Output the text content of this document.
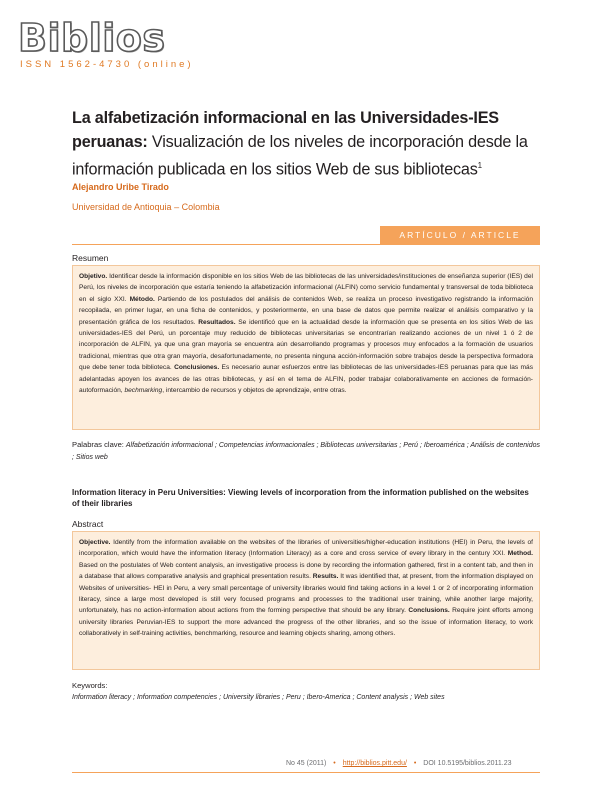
Biblios
ISSN 1562-4730 (online)
La alfabetización informacional en las Universidades-IES peruanas: Visualización de los niveles de incorporación desde la información publicada en los sitios Web de sus bibliotecas$^1$
Alejandro Uribe Tirado
Universidad de Antioquia – Colombia
ARTÍCULO / ARTICLE
Resumen
Objetivo. Identificar desde la información disponible en los sitios Web de las bibliotecas de las universidades/instituciones de enseñanza superior (IES) del Perú, los niveles de incorporación que estaría teniendo la alfabetización informacional (ALFIN) como servicio fundamental y transversal de toda biblioteca en el siglo XXI. Método. Partiendo de los postulados del análisis de contenidos Web, se realiza un proceso investigativo registrando la información recopilada, en primer lugar, en una ficha de contenidos, y posteriormente, en una base de datos que permite realizar el análisis comparativo y la presentación gráfica de los resultados. Resultados. Se identificó que en la actualidad desde la información que se presenta en los sitios Web de las universidades-IES del Perú, un porcentaje muy reducido de bibliotecas universitarias se encontrarían realizando acciones de un nivel 1 ó 2 de incorporación de ALFIN, ya que una gran mayoría se encuentra aún desarrollando programas y procesos muy enfocados a la formación de usuarios tradicional, mientras que otra gran mayoría, desafortunadamente, no presenta ninguna acción-información sobre trabajos desde la perspectiva formadora que debe tener toda biblioteca. Conclusiones. Es necesario aunar esfuerzos entre las bibliotecas de las universidades-IES peruanas para que las más adelantadas apoyen los avances de las otras bibliotecas, y así en el tema de ALFIN, poder trabajar colaborativamente en acciones de formación-autoformación, bechmarking, intercambio de recursos y objetos de aprendizaje, entre otras.
Palabras clave: Alfabetización informacional ; Competencias informacionales ; Bibliotecas universitarias ; Perú ; Iberoamérica ; Análisis de contenidos ; Sitios web
Information literacy in Peru Universities: Viewing levels of incorporation from the information published on the websites of their libraries
Abstract
Objective. Identify from the information available on the websites of the libraries of universities/higher-education institutions (HEI) in Peru, the levels of incorporation, which would have the information literacy (Information Literacy) as a core and cross service of every library in the century XXI. Method. Based on the postulates of Web content analysis, an investigative process is done by recording the information gathered, first in a content tab, and then in a database that allows comparative analysis and graphical presentation results. Results. It was identified that, at present, from the information displayed on Websites of universities- HEI in Peru, a very small percentage of university libraries would find taking actions in a level 1 or 2 of incorporating information literacy, since a large most developed is still very focused programs and processes to the traditional user training, while another large majority, unfortunately, has no action-information about actions from the forming perspective that should be any library. Conclusions. Require joint efforts among university libraries Peruvian-IES to support the more advanced the progress of the other libraries, and so the issue of information literacy, to work collaboratively in self-training activities, benchmarking, resource and learning objects sharing, among others.
Keywords:
Information literacy ; Information competencies ; University libraries ; Peru ; Ibero-America ; Content analysis ; Web sites
No 45 (2011) • http://biblios.pitt.edu/ • DOI 10.5195/biblios.2011.23
